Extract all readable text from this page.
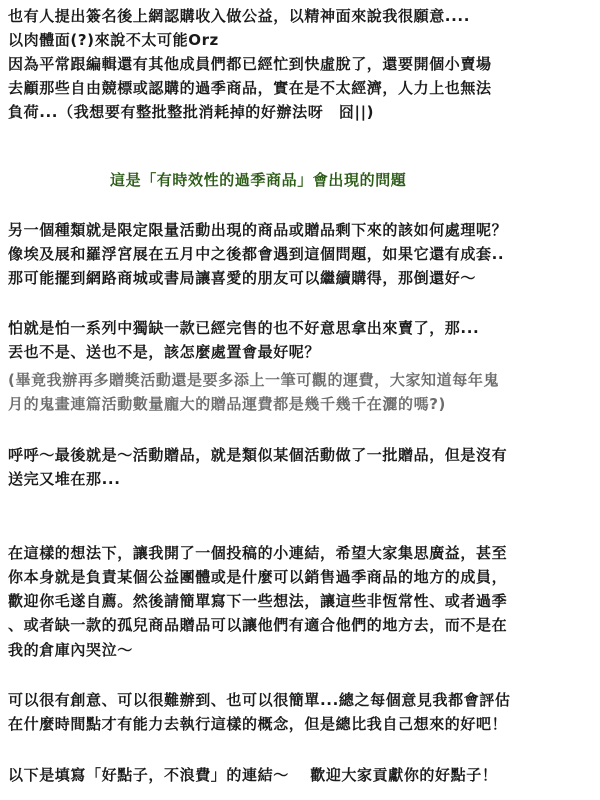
也有人提出簽名後上網認購收入做公益，以精神面來說我很願意....
以肉體面(?)來說不太可能Orz
因為平常跟編輯還有其他成員們都已經忙到快虛脫了，還要開個小賣場
去顧那些自由競標或認購的過季商品，實在是不太經濟，人力上也無法
負荷...（我想要有整批整批消耗掉的好辦法呀　囧||)
這是「有時效性的過季商品」會出現的問題
另一個種類就是限定限量活動出現的商品或贈品剩下來的該如何處理呢？
像埃及展和羅浮宮展在五月中之後都會遇到這個問題，如果它還有成套..
那可能擺到網路商城或書局讓喜愛的朋友可以繼續購得，那倒還好～
怕就是怕一系列中獨缺一款已經完售的也不好意思拿出來賣了，那...
丟也不是、送也不是，該怎麼處置會最好呢？
(畢竟我辦再多贈獎活動還是要多添上一筆可觀的運費，大家知道每年鬼
月的鬼畫連篇活動數量龐大的贈品運費都是幾千幾千在灑的嗎?)
呼呼～最後就是～活動贈品，就是類似某個活動做了一批贈品，但是沒有
送完又堆在那...
在這樣的想法下，讓我開了一個投稿的小連結，希望大家集思廣益，甚至
你本身就是負責某個公益團體或是什麼可以銷售過季商品的地方的成員，
歡迎你毛遂自薦。然後請簡單寫下一些想法，讓這些非恆常性、或者過季
、或者缺一款的孤兒商品贈品可以讓他們有適合他們的地方去，而不是在
我的倉庫內哭泣～
可以很有創意、可以很難辦到、也可以很簡單...總之每個意見我都會評估
在什麼時間點才有能力去執行這樣的概念，但是總比我自己想來的好吧！
以下是填寫「好點子，不浪費」的連結～　 歡迎大家貢獻你的好點子！
